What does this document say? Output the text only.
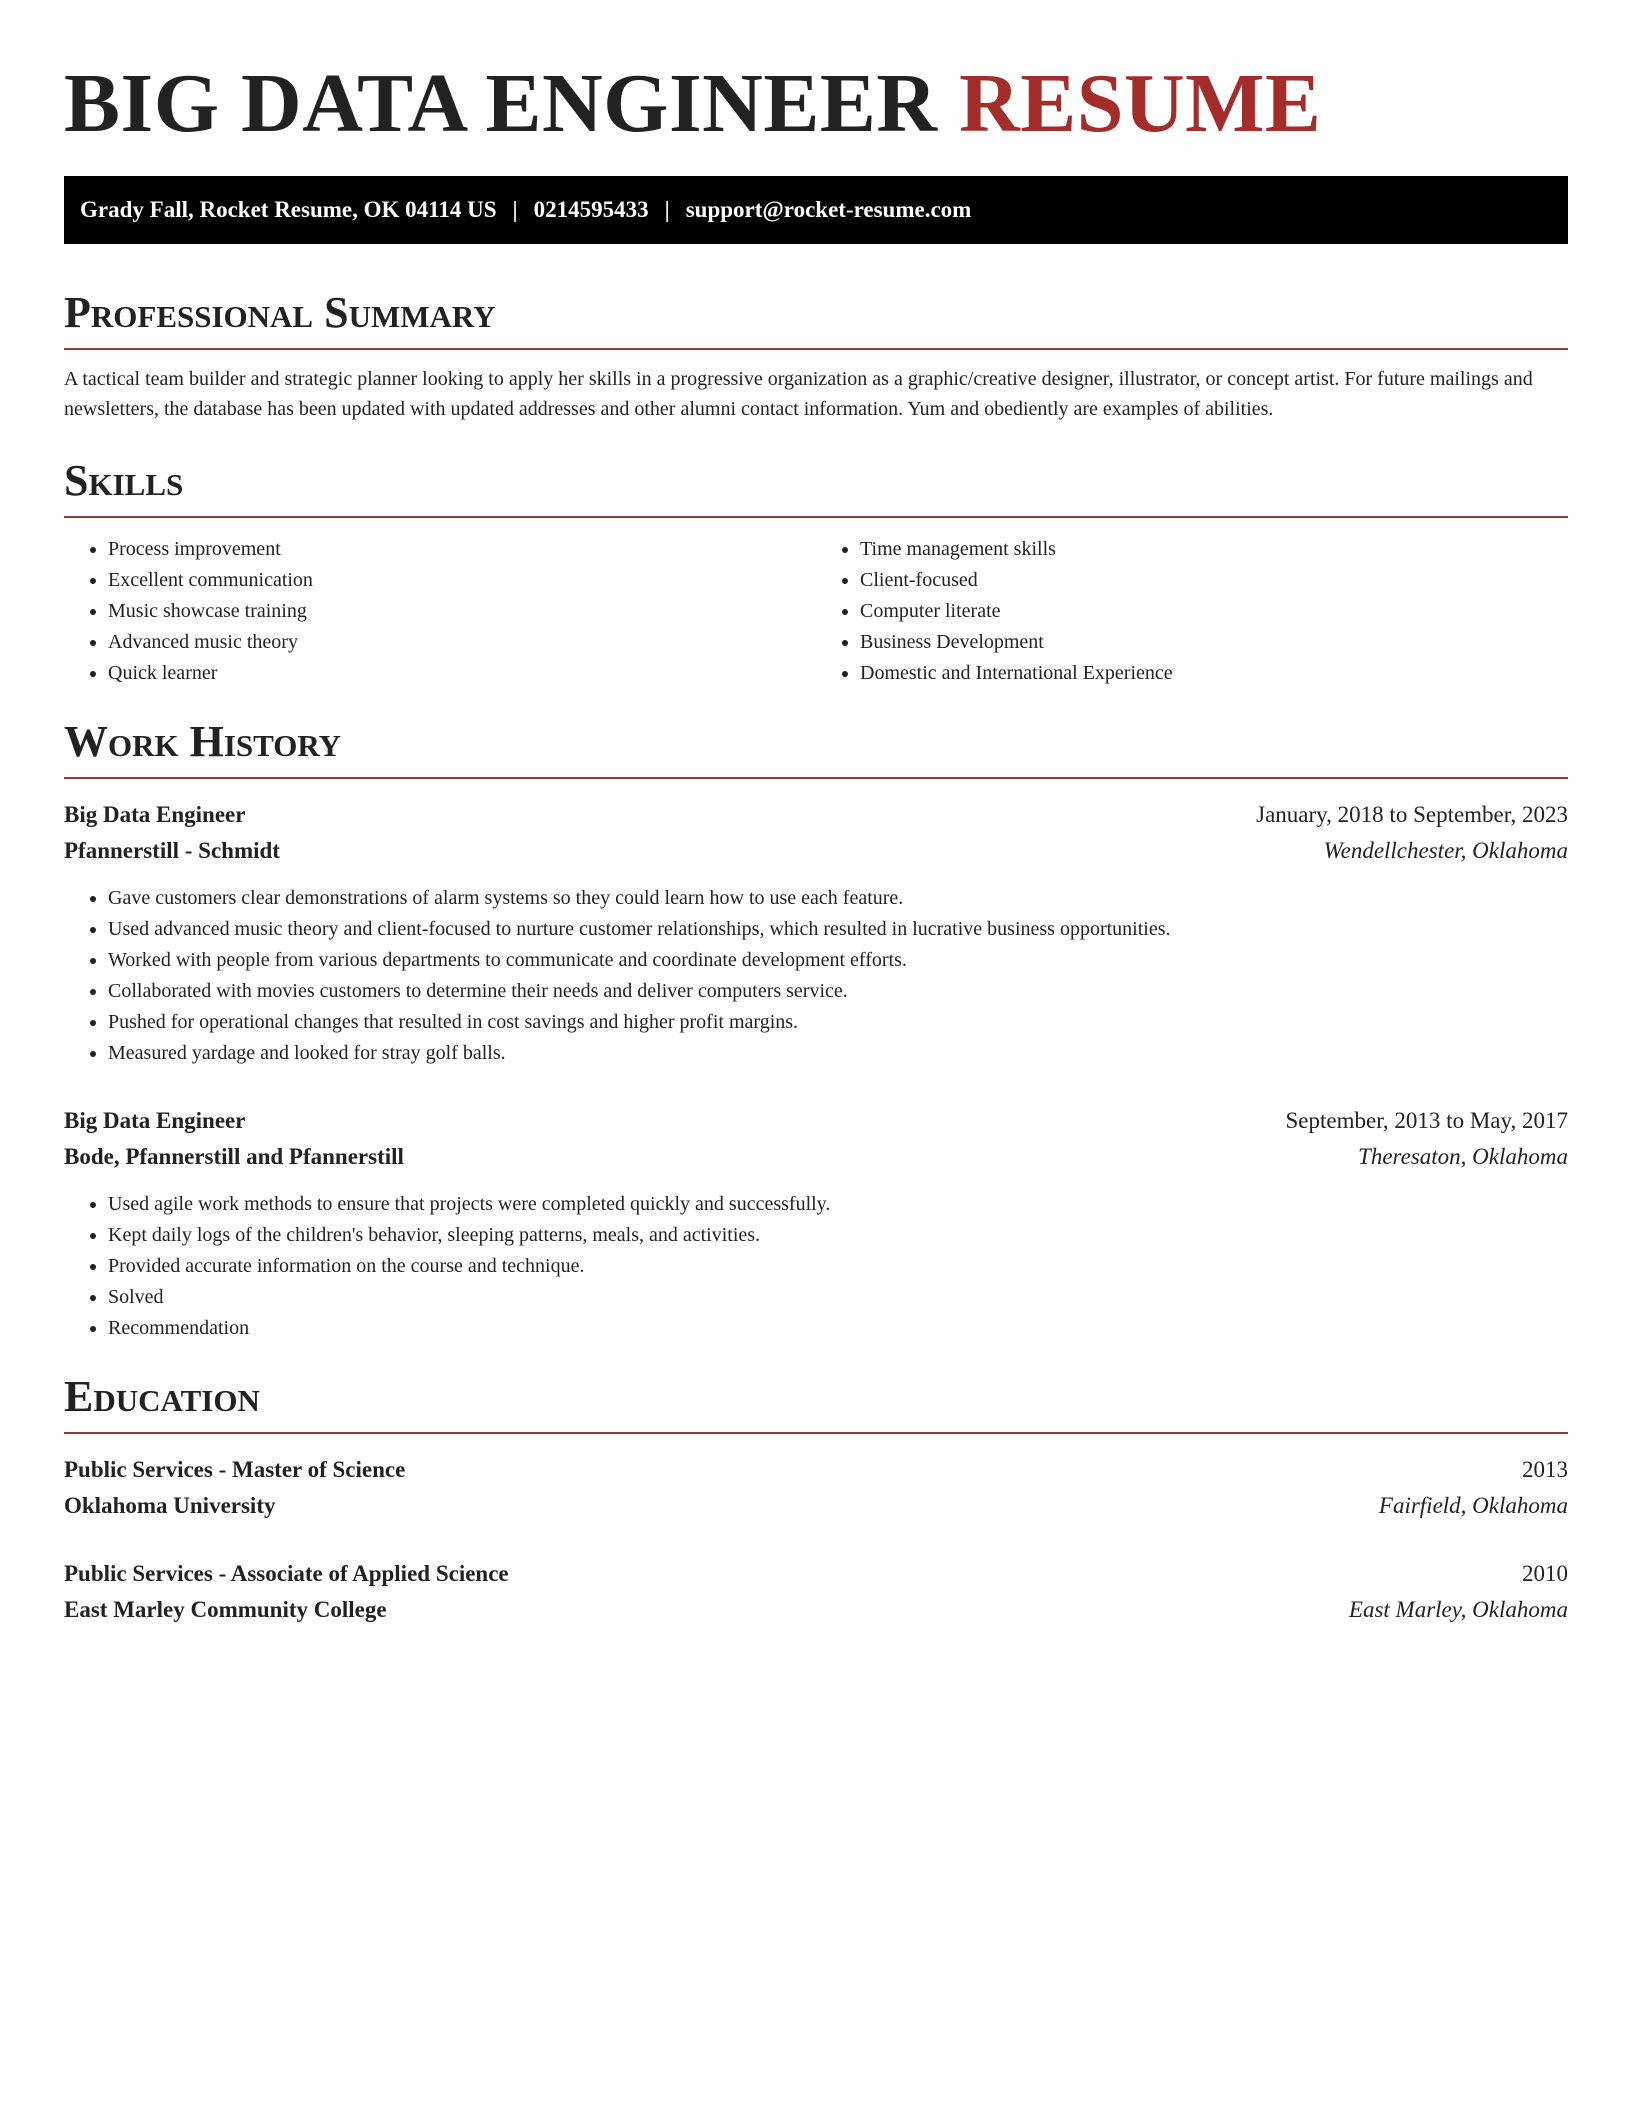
BIG DATA ENGINEER RESUME
Grady Fall, Rocket Resume, OK 04114 US | 0214595433 | support@rocket-resume.com
Professional Summary

A tactical team builder and strategic planner looking to apply her skills in a progressive organization as a graphic/creative designer, illustrator, or concept artist. For future mailings and newsletters, the database has been updated with updated addresses and other alumni contact information. Yum and obediently are examples of abilities.

Skills
• Process improvement
• Excellent communication
• Music showcase training
• Advanced music theory
• Quick learner
• Time management skills
• Client-focused
• Computer literate
• Business Development
• Domestic and International Experience
Work History
Big Data Engineer	January, 2018 to September, 2023
Pfannerstill - Schmidt	Wendellchester, Oklahoma
• Gave customers clear demonstrations of alarm systems so they could learn how to use each feature.
• Used advanced music theory and client-focused to nurture customer relationships, which resulted in lucrative business opportunities.
• Worked with people from various departments to communicate and coordinate development efforts.
• Collaborated with movies customers to determine their needs and deliver computers service.
• Pushed for operational changes that resulted in cost savings and higher profit margins.
• Measured yardage and looked for stray golf balls.
Big Data Engineer	September, 2013 to May, 2017
Bode, Pfannerstill and Pfannerstill	Theresaton, Oklahoma
• Used agile work methods to ensure that projects were completed quickly and successfully.
• Kept daily logs of the children's behavior, sleeping patterns, meals, and activities.
• Provided accurate information on the course and technique.
• Solved
• Recommendation
Education
Public Services - Master of Science	2013
Oklahoma University	Fairfield, Oklahoma
Public Services - Associate of Applied Science	2010
East Marley Community College	East Marley, Oklahoma
